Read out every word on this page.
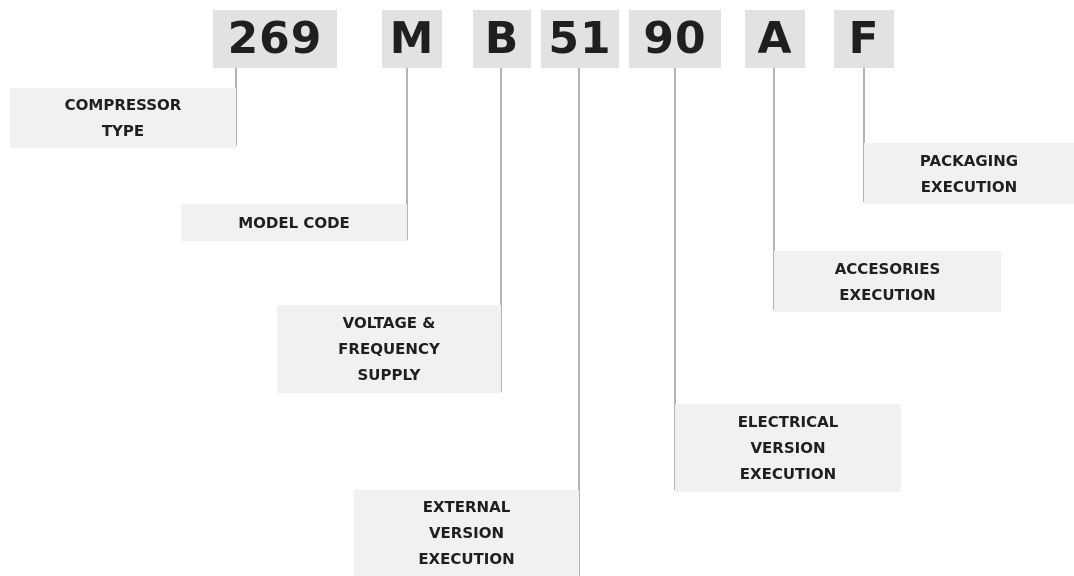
269	M B 51 90	A	F
COMPRESSOR
TYPE
MODEL CODE
VOLTAGE &
FREQUENCY
SUPPLY
EXTERNAL
VERSION
EXECUTION
ELECTRICAL
VERSION
EXECUTION
ACCESORIES
EXECUTION
PACKAGING
EXECUTION
